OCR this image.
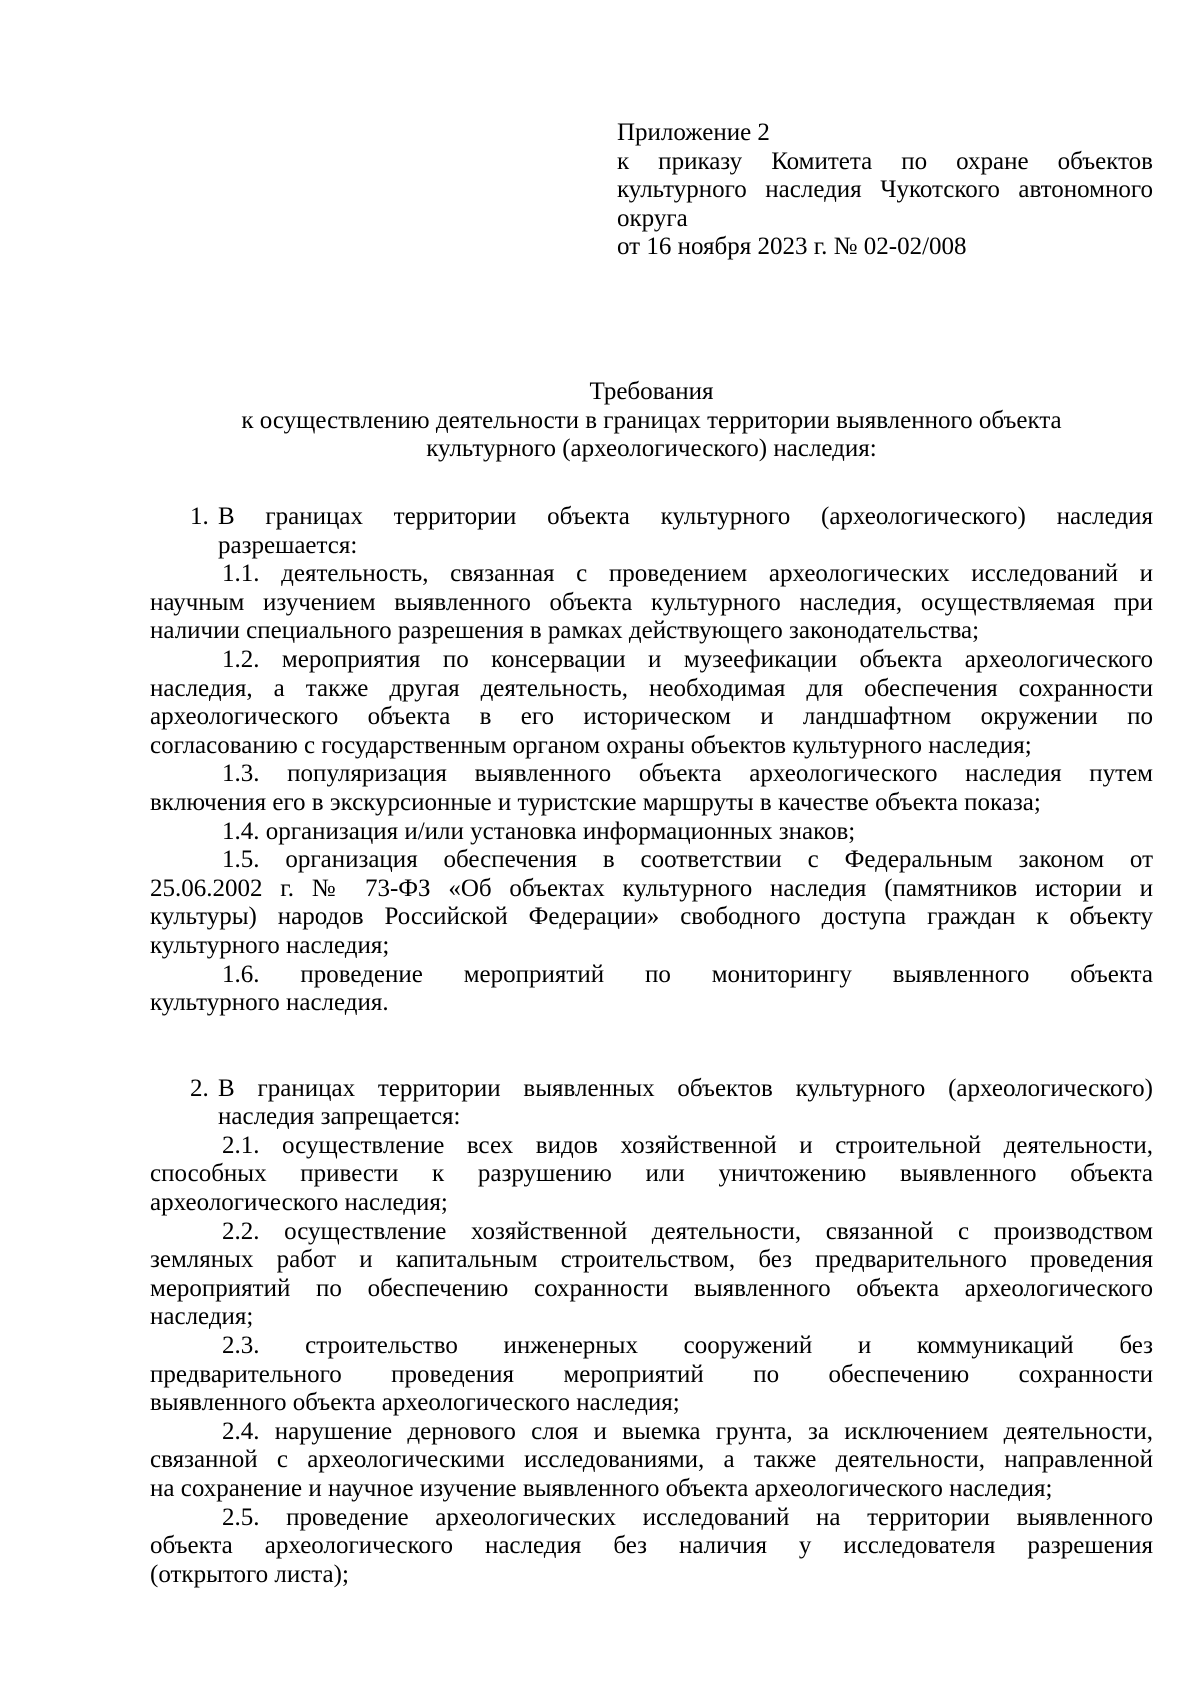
Приложение 2
к приказу Комитета по охране объектов
культурного наследия Чукотского автономного
округа
от 16 ноября 2023 г. № 02-02/008
Требования
к осуществлению деятельности в границах территории выявленного объекта
культурного (археологического) наследия:
1. В границах территории объекта культурного (археологического) наследия
разрешается:
1.1. деятельность, связанная с проведением археологических исследований и
научным изучением выявленного объекта культурного наследия, осуществляемая при
наличии специального разрешения в рамках действующего законодательства;
1.2. мероприятия по консервации и музеефикации объекта археологического
наследия, а также другая деятельность, необходимая для обеспечения сохранности
археологического объекта в его историческом и ландшафтном окружении по
согласованию с государственным органом охраны объектов культурного наследия;
1.3. популяризация выявленного объекта археологического наследия путем
включения его в экскурсионные и туристские маршруты в качестве объекта показа;
1.4. организация и/или установка информационных знаков;
1.5. организация обеспечения в соответствии с Федеральным законом от
25.06.2002 г. № 73-ФЗ «Об объектах культурного наследия (памятников истории и
культуры) народов Российской Федерации» свободного доступа граждан к объекту
культурного наследия;
1.6. проведение мероприятий по мониторингу выявленного объекта
культурного наследия.
2. В границах территории выявленных объектов культурного (археологического)
наследия запрещается:
2.1. осуществление всех видов хозяйственной и строительной деятельности,
способных привести к разрушению или уничтожению выявленного объекта
археологического наследия;
2.2. осуществление хозяйственной деятельности, связанной с производством
земляных работ и капитальным строительством, без предварительного проведения
мероприятий по обеспечению сохранности выявленного объекта археологического
наследия;
2.3. строительство инженерных сооружений и коммуникаций без
предварительного проведения мероприятий по обеспечению сохранности
выявленного объекта археологического наследия;
2.4. нарушение дернового слоя и выемка грунта, за исключением деятельности,
связанной с археологическими исследованиями, а также деятельности, направленной
на сохранение и научное изучение выявленного объекта археологического наследия;
2.5. проведение археологических исследований на территории выявленного
объекта археологического наследия без наличия у исследователя разрешения
(открытого листа);
